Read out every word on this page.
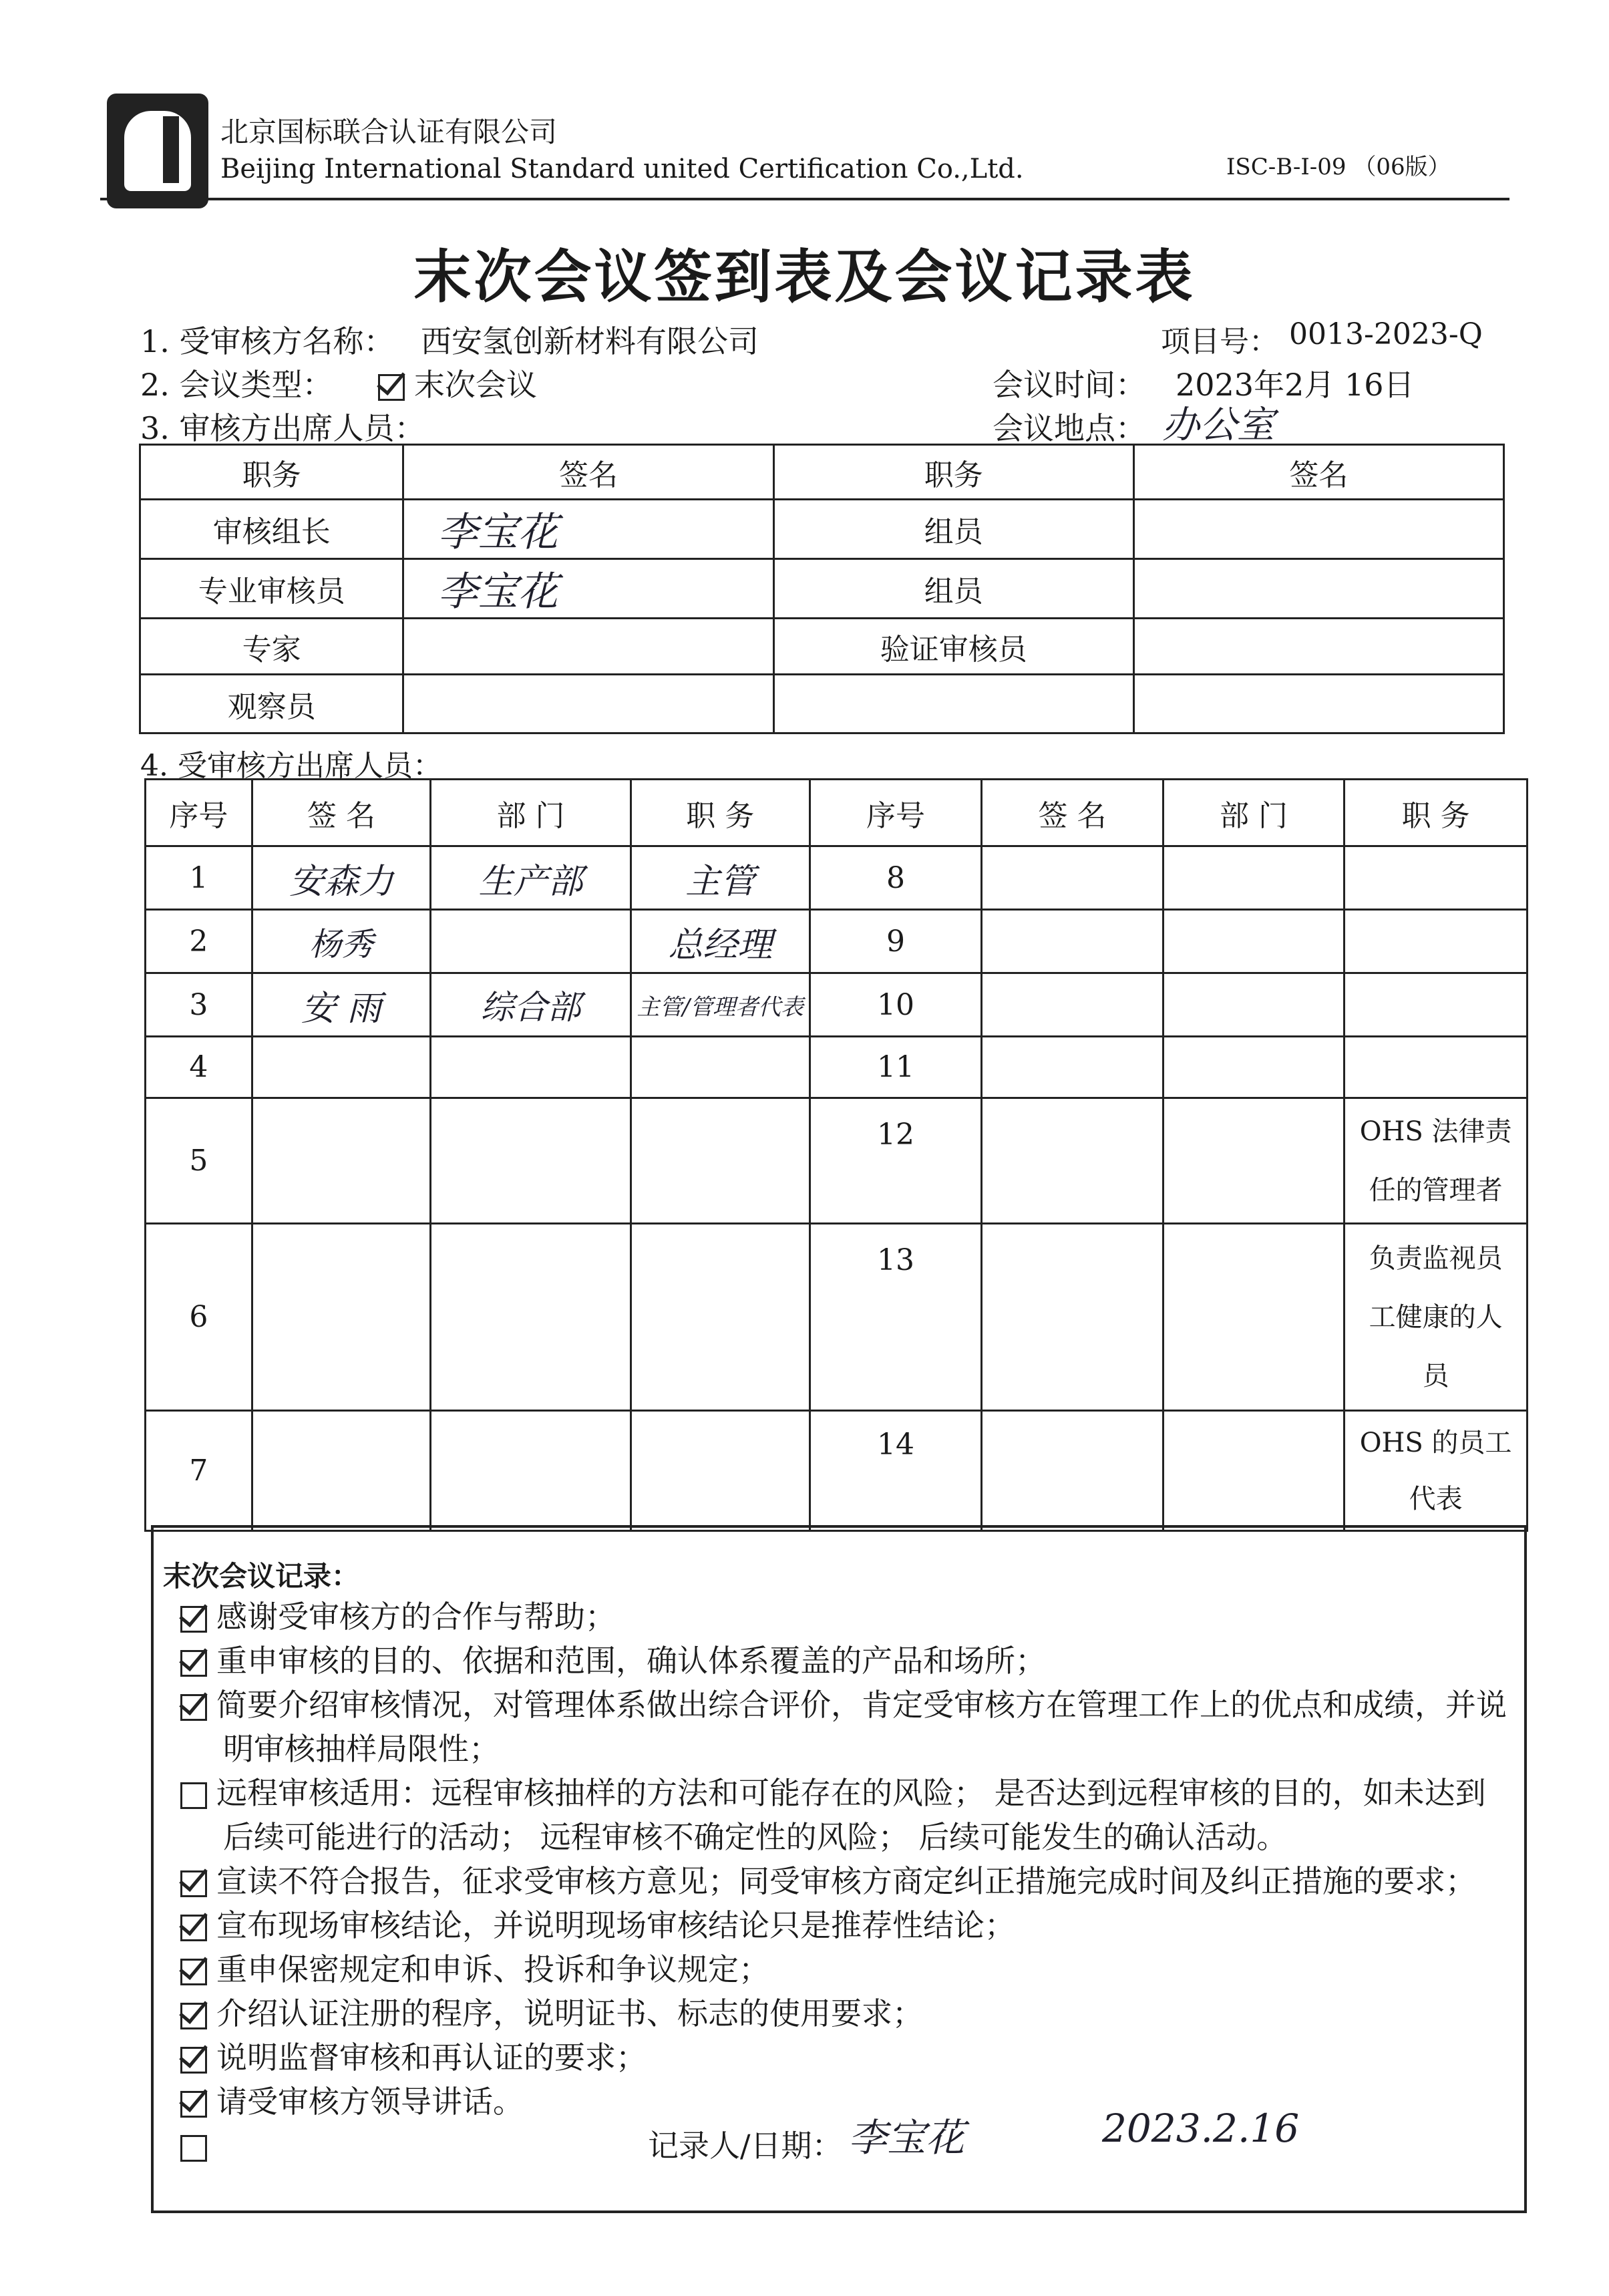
北京国标联合认证有限公司
Beijing International Standard united Certification Co.,Ltd.	ISC-B-I-09 （06版）
末次会议签到表及会议记录表
1. 受审核方名称： 西安氢创新材料有限公司	项目号： 0013-2023-Q
2. 会议类型：	末次会议	会议时间： 2023年2月 16日
3. 审核方出席人员：	会议地点： 办公室
职务	签名	职务	签名
审核组长	李宝花	组员	
专业审核员	李宝花	组员	
专家		验证审核员	
观察员			
4. 受审核方出席人员：
序号	签 名	部 门	职 务	序号	签 名	部 门	职 务
1	安森力	生产部	主管	8			
2	杨秀		总经理	9			
3	安 雨	综合部	主管/管理者代表	10			
4				11			
5				12			OHS 法律责任的管理者
6				13			负责监视员工健康的人员
7				14			OHS 的员工代表
末次会议记录：
感谢受审核方的合作与帮助；
重申审核的目的、依据和范围，确认体系覆盖的产品和场所；
简要介绍审核情况，对管理体系做出综合评价，肯定受审核方在管理工作上的优点和成绩，并说明审核抽样局限性；
远程审核适用：远程审核抽样的方法和可能存在的风险； 是否达到远程审核的目的，如未达到后续可能进行的活动； 远程审核不确定性的风险； 后续可能发生的确认活动。
宣读不符合报告，征求受审核方意见；同受审核方商定纠正措施完成时间及纠正措施的要求；
宣布现场审核结论，并说明现场审核结论只是推荐性结论；
重申保密规定和申诉、投诉和争议规定；
介绍认证注册的程序，说明证书、标志的使用要求；
说明监督审核和再认证的要求；
请受审核方领导讲话。
记录人/日期： 李宝花	2023.2.16
